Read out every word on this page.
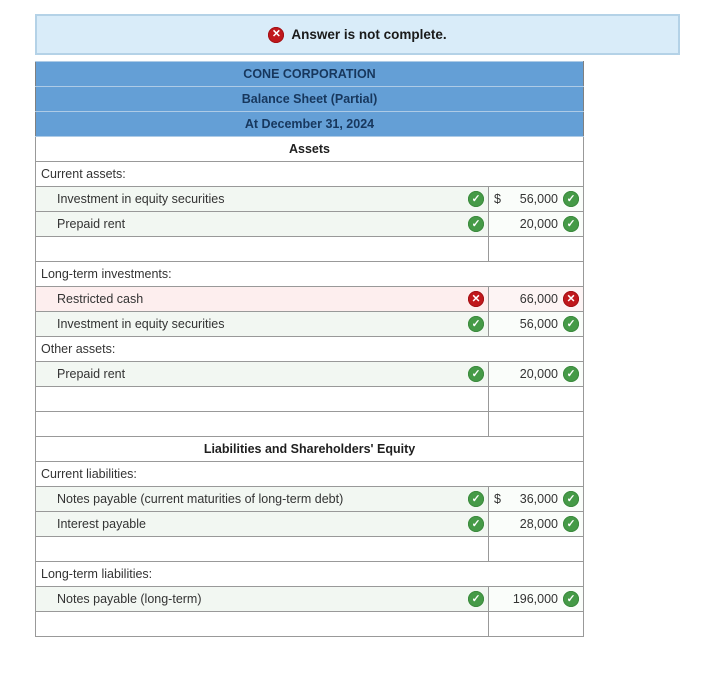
✕ Answer is not complete.
CONE CORPORATION	
Balance Sheet (Partial)	
At December 31, 2024	
Assets	
Current assets:	

Investment in equity securities ✓	$ 56,000 ✓

Prepaid rent ✓	20,000 ✓

Long-term investments:	

Restricted cash ✕	66,000 ✕

Investment in equity securities ✓	56,000 ✓

Other assets:	

Prepaid rent ✓	20,000 ✓

Liabilities and Shareholders' Equity	
Current liabilities:	

Notes payable (current maturities of long-term debt) ✓	$ 36,000 ✓

Interest payable ✓	28,000 ✓

Long-term liabilities:	

Notes payable (long-term) ✓	196,000 ✓
